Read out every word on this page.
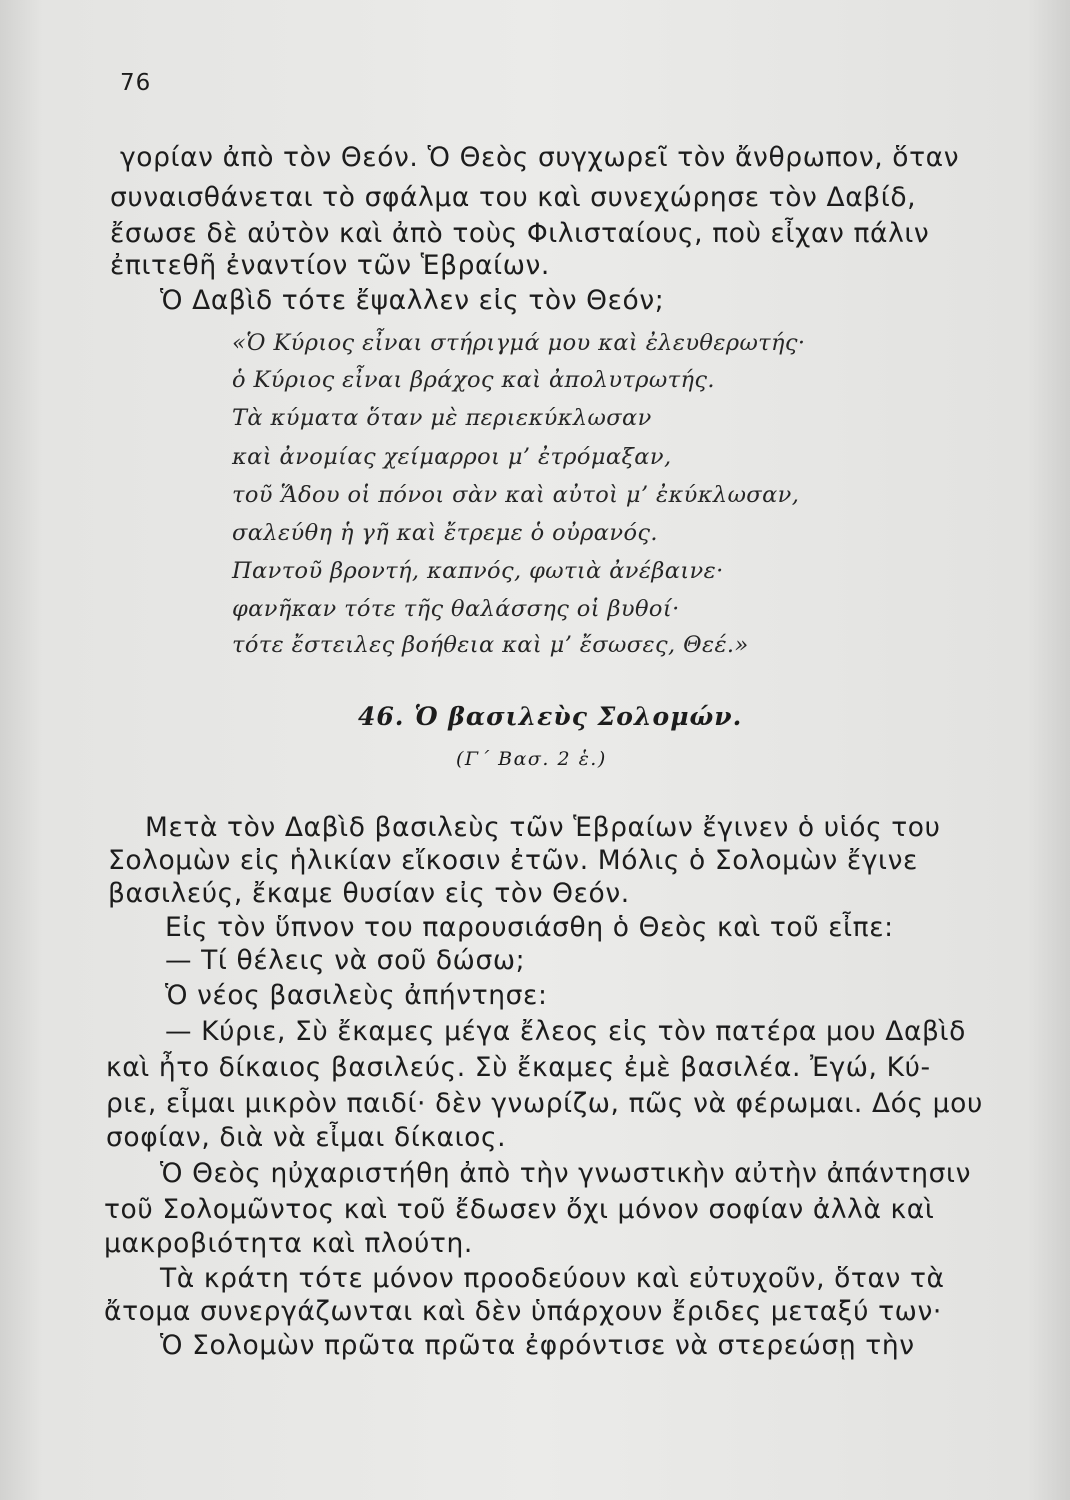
76
γορίαν ἀπὸ τὸν Θεόν. Ὁ Θεὸς συγχωρεῖ τὸν ἄνθρωπον, ὅταν
συναισθάνεται τὸ σφάλμα του καὶ συνεχώρησε τὸν Δαβίδ,
ἔσωσε δὲ αὐτὸν καὶ ἀπὸ τοὺς Φιλισταίους, ποὺ εἶχαν πάλιν
ἐπιτεθῆ ἐναντίον τῶν Ἑβραίων.
Ὁ Δαβὶδ τότε ἔψαλλεν εἰς τὸν Θεόν;
«Ὁ Κύριος εἶναι στήριγμά μου καὶ ἐλευθερωτής·
ὁ Κύριος εἶναι βράχος καὶ ἀπολυτρωτής.
Τὰ κύματα ὅταν μὲ περιεκύκλωσαν
καὶ ἀνομίας χείμαρροι μ’ ἐτρόμαξαν,
τοῦ Ἅδου οἱ πόνοι σὰν καὶ αὐτοὶ μ’ ἐκύκλωσαν,
σαλεύθη ἡ γῆ καὶ ἔτρεμε ὁ οὐρανός.
Παντοῦ βροντή, καπνός, φωτιὰ ἀνέβαινε·
φανῆκαν τότε τῆς θαλάσσης οἱ βυθοί·
τότε ἔστειλες βοήθεια καὶ μ’ ἔσωσες, Θεέ.»
46. Ὁ βασιλεὺς Σολομών.
(Γ΄ Βασ. 2 ἑ.)
Μετὰ τὸν Δαβὶδ βασιλεὺς τῶν Ἑβραίων ἔγινεν ὁ υἱός του
Σολομὼν εἰς ἡλικίαν εἴκοσιν ἐτῶν. Μόλις ὁ Σολομὼν ἔγινε
βασιλεύς, ἔκαμε θυσίαν εἰς τὸν Θεόν.
Εἰς τὸν ὕπνον του παρουσιάσθη ὁ Θεὸς καὶ τοῦ εἶπε:
— Τί θέλεις νὰ σοῦ δώσω;
Ὁ νέος βασιλεὺς ἀπήντησε:
— Κύριε, Σὺ ἔκαμες μέγα ἔλεος εἰς τὸν πατέρα μου Δαβὶδ
καὶ ἦτο δίκαιος βασιλεύς. Σὺ ἔκαμες ἐμὲ βασιλέα. Ἐγώ, Κύ-
ριε, εἶμαι μικρὸν παιδί· δὲν γνωρίζω, πῶς νὰ φέρωμαι. Δός μου
σοφίαν, διὰ νὰ εἶμαι δίκαιος.
Ὁ Θεὸς ηὐχαριστήθη ἀπὸ τὴν γνωστικὴν αὐτὴν ἀπάντησιν
τοῦ Σολομῶντος καὶ τοῦ ἔδωσεν ὄχι μόνον σοφίαν ἀλλὰ καὶ
μακροβιότητα καὶ πλούτη.
Τὰ κράτη τότε μόνον προοδεύουν καὶ εὐτυχοῦν, ὅταν τὰ
ἄτομα συνεργάζωνται καὶ δὲν ὑπάρχουν ἔριδες μεταξύ των·
Ὁ Σολομὼν πρῶτα πρῶτα ἐφρόντισε νὰ στερεώσῃ τὴν
